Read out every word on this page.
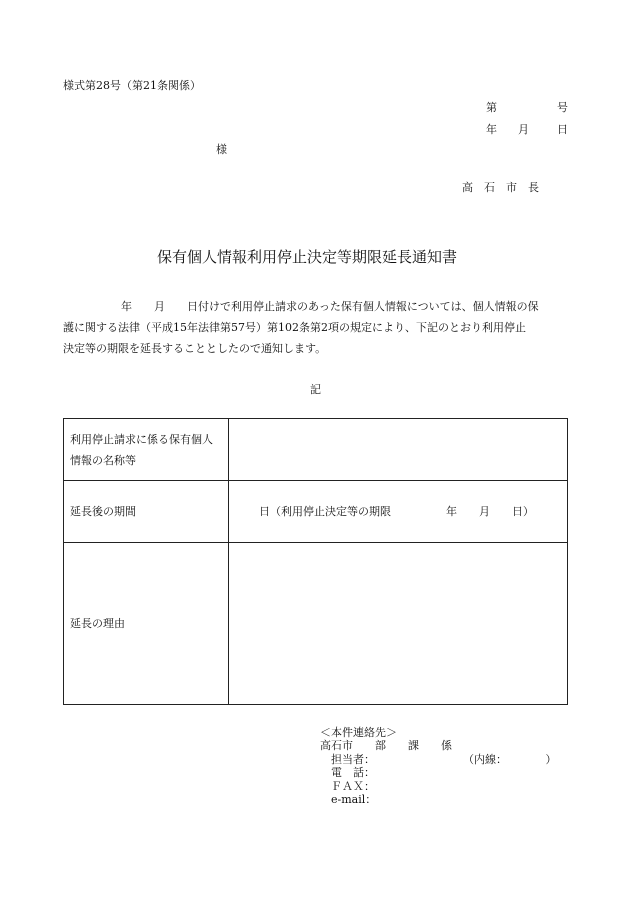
様式第28号（第21条関係）
第	号
年 月	日
様
高　石　市　長
保有個人情報利用停止決定等期限延長通知書
年　　月　　日付けで利用停止請求のあった保有個人情報については、個人情報の保
護に関する法律（平成15年法律第57号）第102条第2項の規定により、下記のとおり利用停止
決定等の期限を延長することとしたので通知します。
記
利用停止請求に係る保有個人
情報の名称等	

延長後の期間	日（利用停止決定等の期限　　　　　年　　月　　日）
延長の理由	
＜本件連絡先＞
高石市　　部　　課　　係
　担当者：　　　　　　　　　（内線：　　　　）
　電　話：
　ＦＡＸ：
　e-mail：
